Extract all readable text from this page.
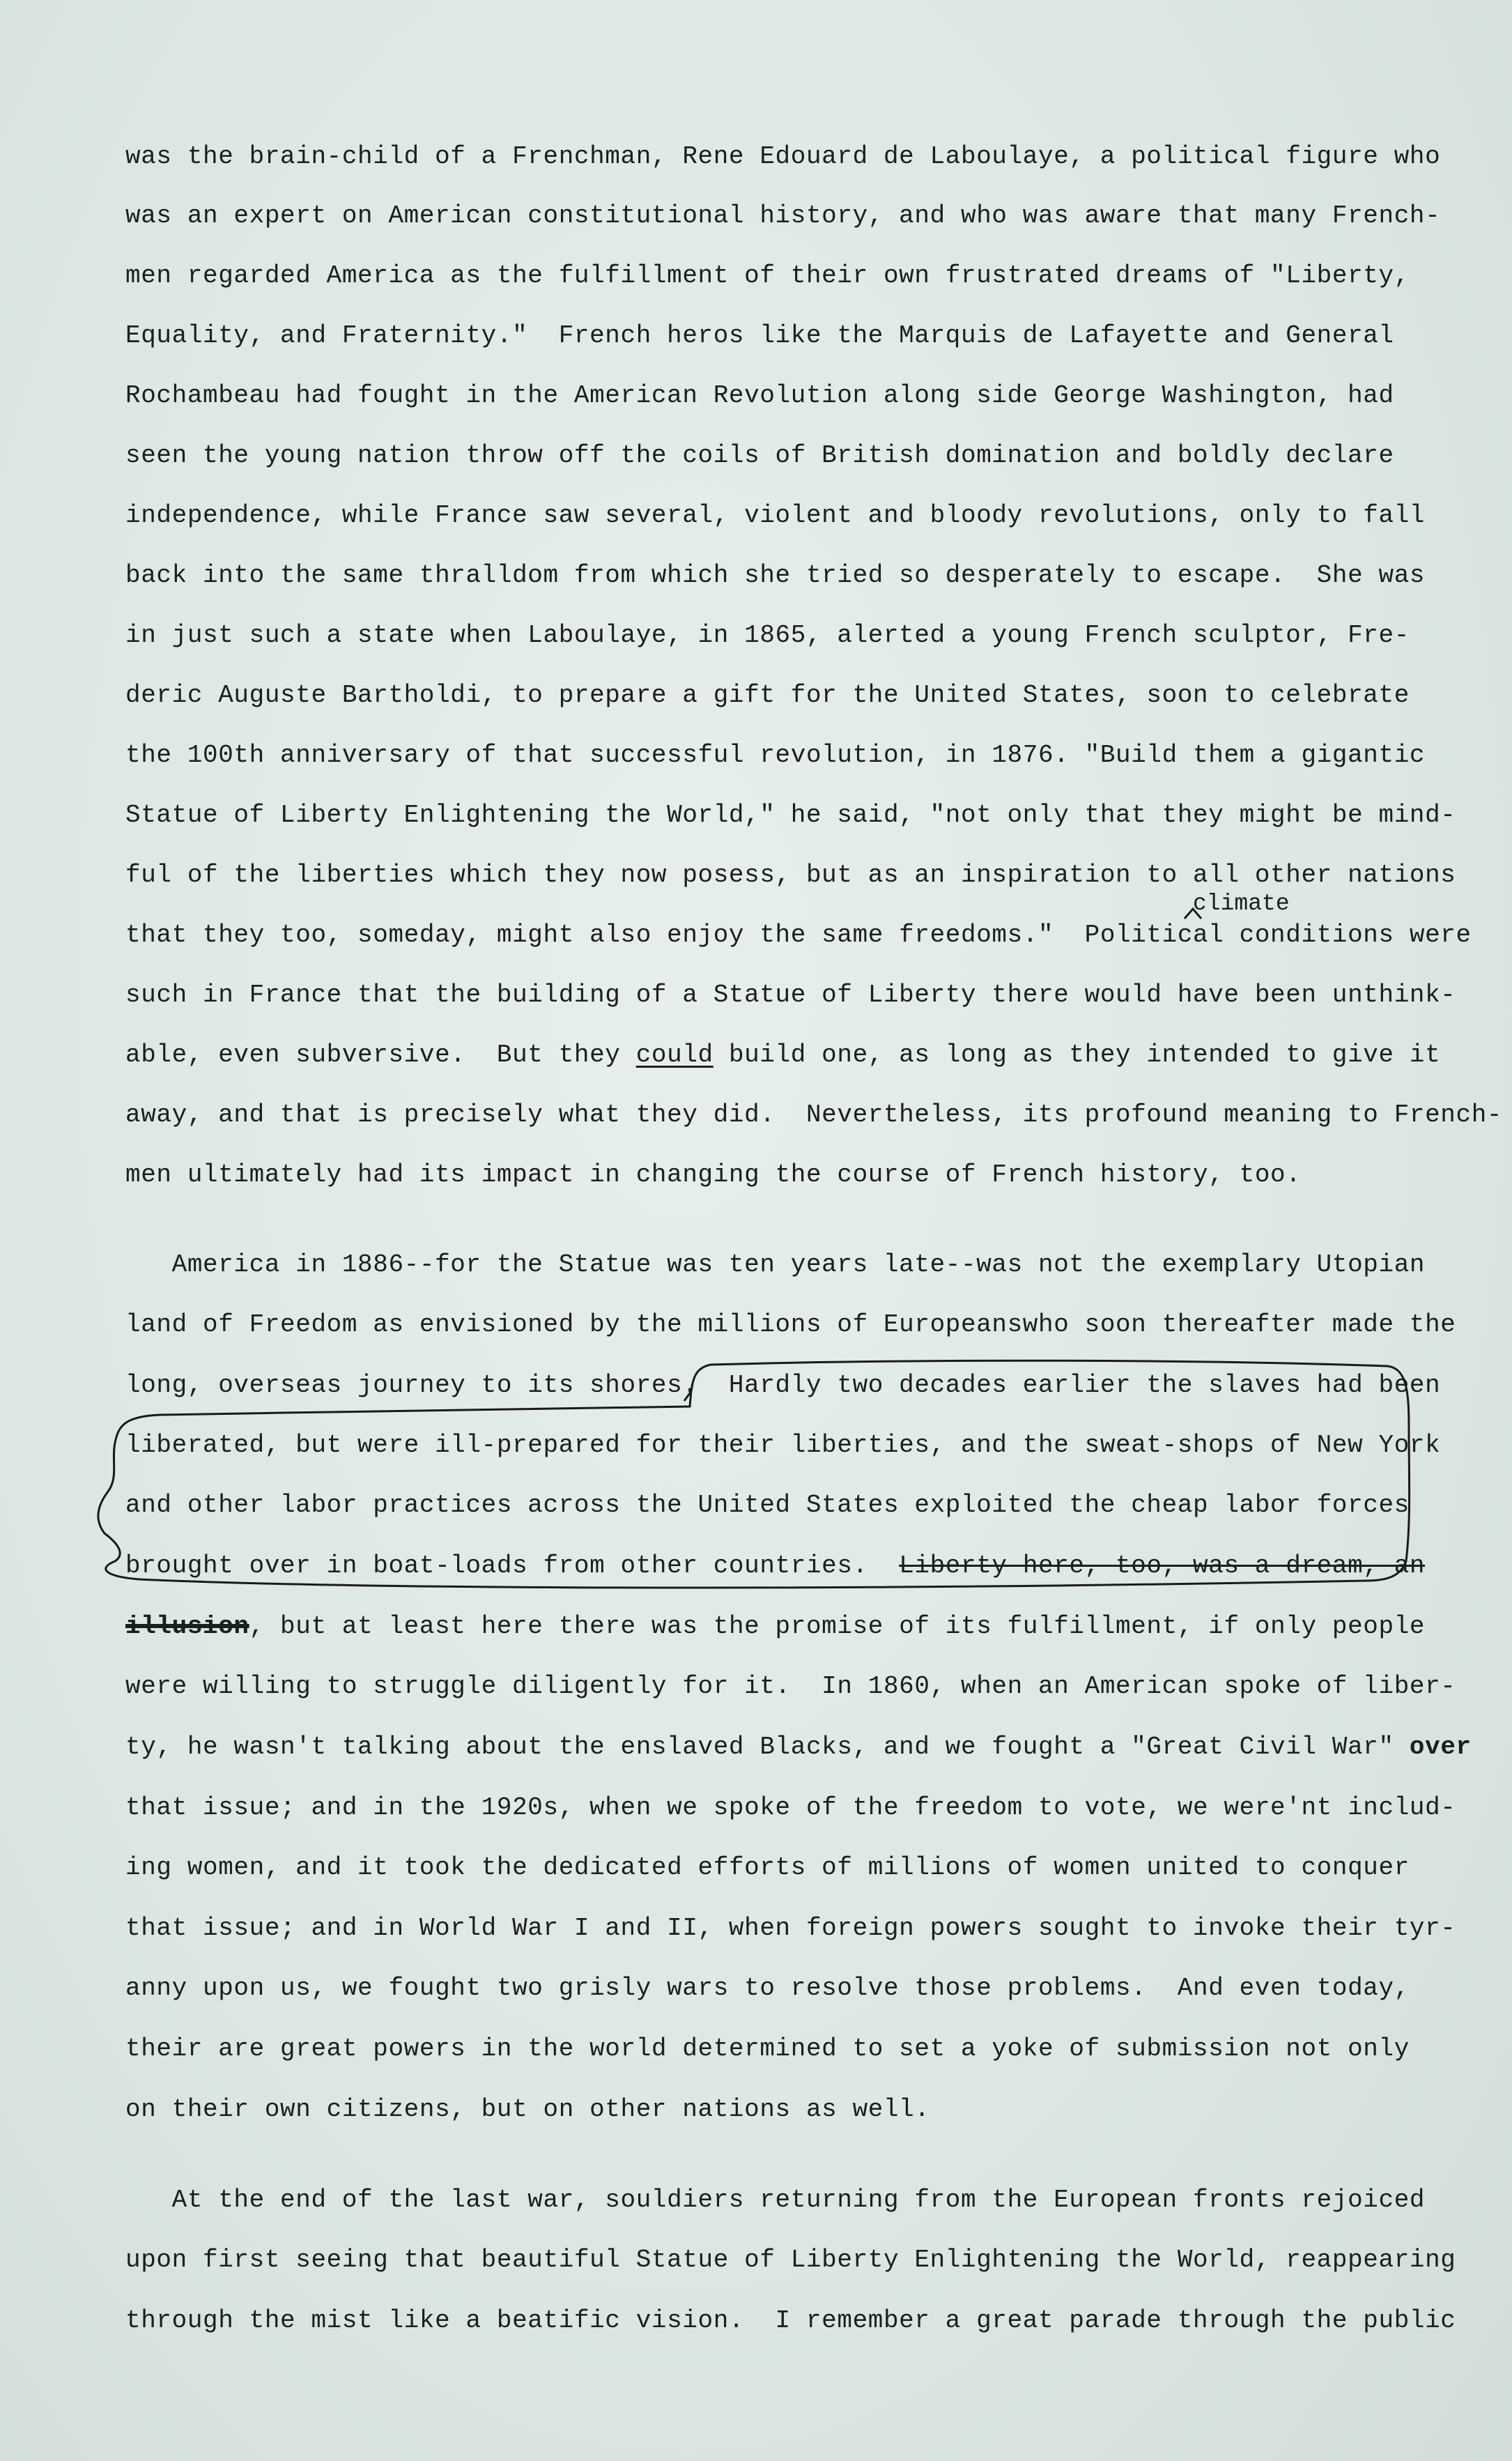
was the brain-child of a Frenchman, Rene Edouard de Laboulaye, a political figure who
was an expert on American constitutional history, and who was aware that many French-
men regarded America as the fulfillment of their own frustrated dreams of "Liberty,
Equality, and Fraternity."  French heros like the Marquis de Lafayette and General
Rochambeau had fought in the American Revolution along side George Washington, had
seen the young nation throw off the coils of British domination and boldly declare
independence, while France saw several, violent and bloody revolutions, only to fall
back into the same thralldom from which she tried so desperately to escape.  She was
in just such a state when Laboulaye, in 1865, alerted a young French sculptor, Fre-
deric Auguste Bartholdi, to prepare a gift for the United States, soon to celebrate
the 100th anniversary of that successful revolution, in 1876. "Build them a gigantic
Statue of Liberty Enlightening the World," he said, "not only that they might be mind-
ful of the liberties which they now posess, but as an inspiration to all other nations
climate
that they too, someday, might also enjoy the same freedoms."  Political conditions were
such in France that the building of a Statue of Liberty there would have been unthink-
able, even subversive.  But they could build one, as long as they intended to give it
away, and that is precisely what they did.  Nevertheless, its profound meaning to French-
men ultimately had its impact in changing the course of French history, too.
America in 1886--for the Statue was ten years late--was not the exemplary Utopian
land of Freedom as envisioned by the millions of Europeanswho soon thereafter made the
long, overseas journey to its shores.  Hardly two decades earlier the slaves had been
liberated, but were ill-prepared for their liberties, and the sweat-shops of New York
and other labor practices across the United States exploited the cheap labor forces
brought over in boat-loads from other countries.  Liberty here, too, was a dream, an
illusion, but at least here there was the promise of its fulfillment, if only people
were willing to struggle diligently for it.  In 1860, when an American spoke of liber-
ty, he wasn't talking about the enslaved Blacks, and we fought a "Great Civil War" over
that issue; and in the 1920s, when we spoke of the freedom to vote, we were'nt includ-
ing women, and it took the dedicated efforts of millions of women united to conquer
that issue; and in World War I and II, when foreign powers sought to invoke their tyr-
anny upon us, we fought two grisly wars to resolve those problems.  And even today,
their are great powers in the world determined to set a yoke of submission not only
on their own citizens, but on other nations as well.
At the end of the last war, souldiers returning from the European fronts rejoiced
upon first seeing that beautiful Statue of Liberty Enlightening the World, reappearing
through the mist like a beatific vision.  I remember a great parade through the public
